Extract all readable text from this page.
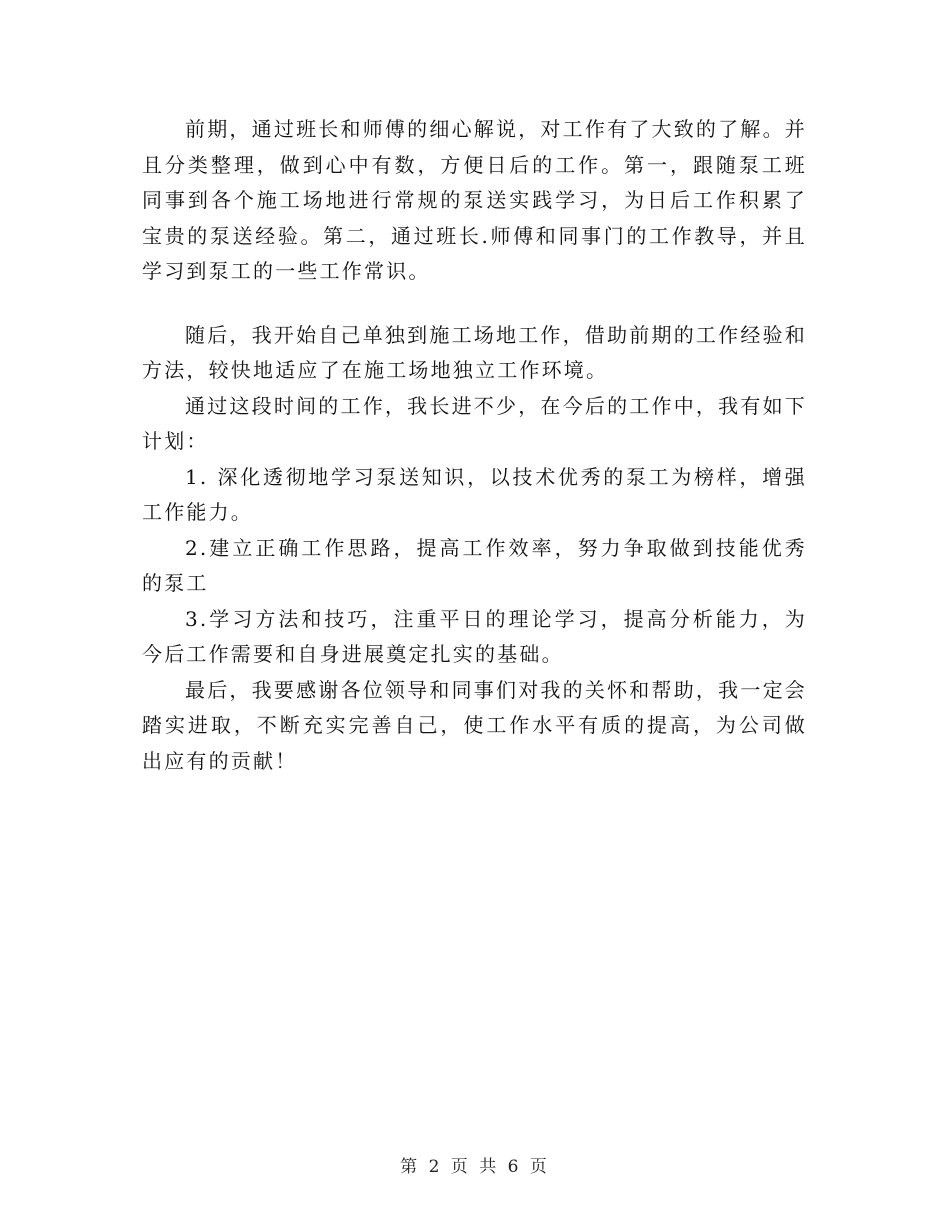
前期，通过班长和师傅的细心解说，对工作有了大致的了解。并且分类整理，做到心中有数，方便日后的工作。第一，跟随泵工班同事到各个施工场地进行常规的泵送实践学习，为日后工作积累了宝贵的泵送经验。第二，通过班长.师傅和同事门的工作教导，并且学习到泵工的一些工作常识。

随后，我开始自己单独到施工场地工作，借助前期的工作经验和方法，较快地适应了在施工场地独立工作环境。

通过这段时间的工作，我长进不少，在今后的工作中，我有如下计划：

1. 深化透彻地学习泵送知识，以技术优秀的泵工为榜样，增强工作能力。

2.建立正确工作思路，提高工作效率，努力争取做到技能优秀的泵工

3.学习方法和技巧，注重平日的理论学习，提高分析能力，为今后工作需要和自身进展奠定扎实的基础。

最后，我要感谢各位领导和同事们对我的关怀和帮助，我一定会踏实进取，不断充实完善自己，使工作水平有质的提高，为公司做出应有的贡献！

第 2 页 共 6 页
